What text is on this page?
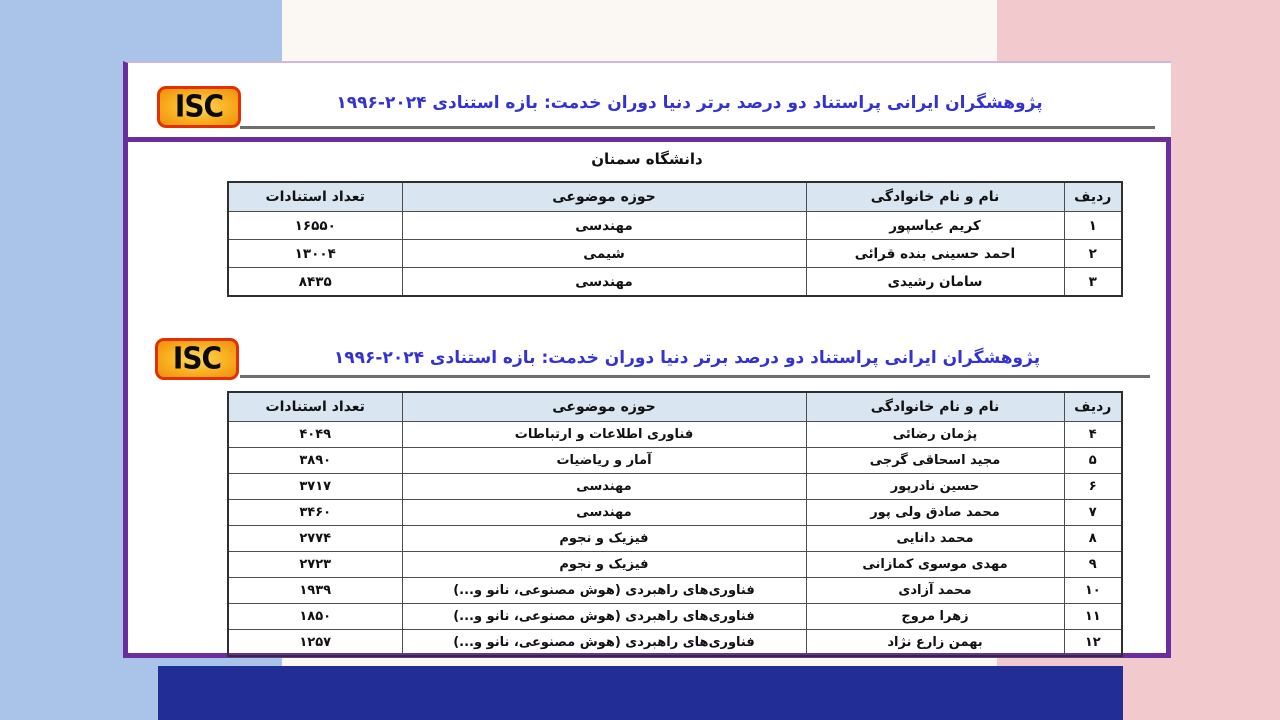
ISC	پژوهشگران ایرانی پراستناد دو درصد برتر دنیا دوران خدمت: بازه استنادی ۲۰۲۴-۱۹۹۶
دانشگاه سمنان
ردیف	نام و نام خانوادگی	حوزه موضوعی	تعداد استنادات
۱	کریم عباسپور	مهندسی	۱۶۵۵۰
۲	احمد حسینی بنده قرائی	شیمی	۱۳۰۰۴
۳	سامان رشیدی	مهندسی	۸۴۳۵
ISC	پژوهشگران ایرانی پراستناد دو درصد برتر دنیا دوران خدمت: بازه استنادی ۲۰۲۴-۱۹۹۶
ردیف	نام و نام خانوادگی	حوزه موضوعی	تعداد استنادات
۴	پژمان رضائی	فناوری اطلاعات و ارتباطات	۴۰۴۹
۵	مجید اسحاقی گرجی	آمار و ریاضیات	۳۸۹۰
۶	حسین نادرپور	مهندسی	۳۷۱۷
۷	محمد صادق ولی پور	مهندسی	۳۴۶۰
۸	محمد دانایی	فیزیک و نجوم	۲۷۷۴
۹	مهدی موسوی کمازانی	فیزیک و نجوم	۲۷۲۳
۱۰	محمد آزادی	فناوری‌های راهبردی (هوش مصنوعی، نانو و...)	۱۹۳۹
۱۱	زهرا مروج	فناوری‌های راهبردی (هوش مصنوعی، نانو و...)	۱۸۵۰
۱۲	بهمن زارع نژاد	فناوری‌های راهبردی (هوش مصنوعی، نانو و...)	۱۲۵۷
